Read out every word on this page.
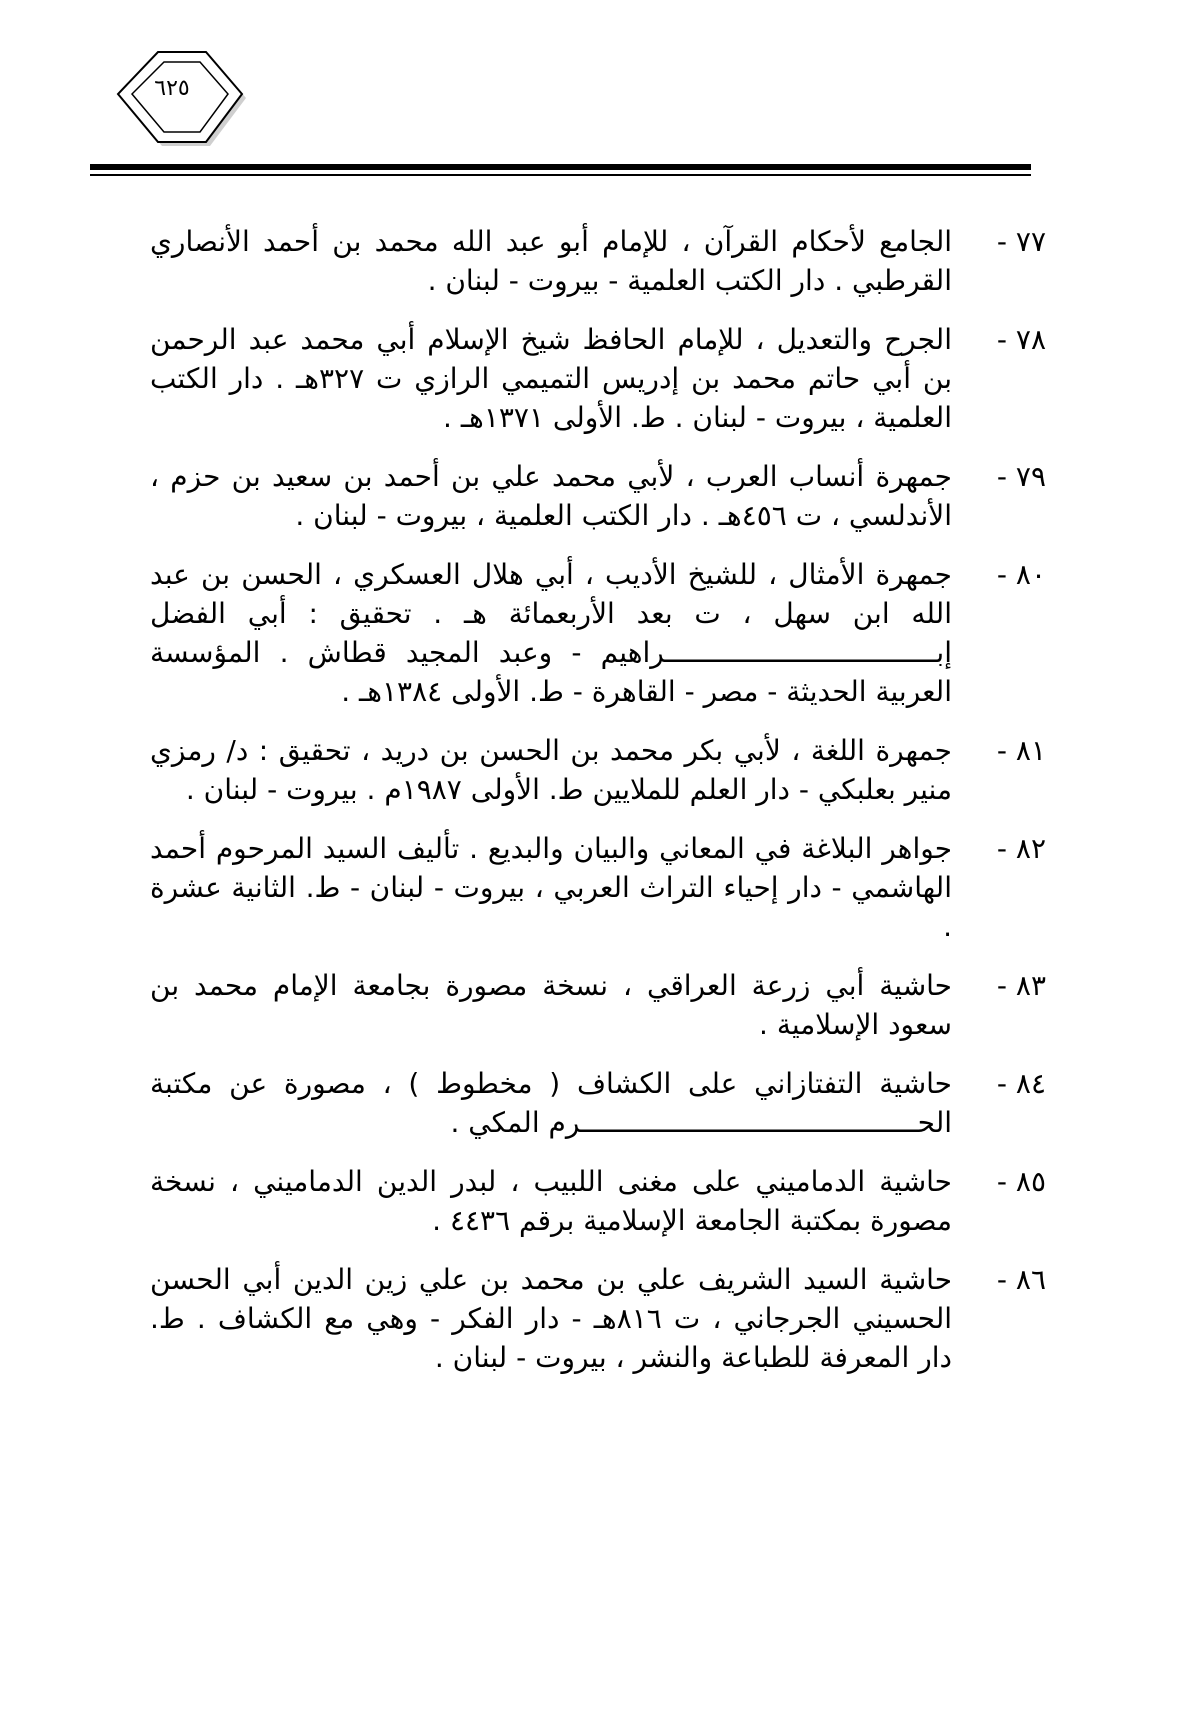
٦٢٥
٧٧ -
الجامع لأحكام القرآن ، للإمام أبو عبد الله محمد بن أحمد الأنصاري القرطبي . دار الكتب العلمية - بيروت - لبنان .
٧٨ -
الجرح والتعديل ، للإمام الحافظ شيخ الإسلام أبي محمد عبد الرحمن بن أبي حاتم محمد بن إدريس التميمي الرازي ت ٣٢٧هـ . دار الكتب العلمية ، بيروت - لبنان . ط. الأولى ١٣٧١هـ .
٧٩ -
جمهرة أنساب العرب ، لأبي محمد علي بن أحمد بن سعيد بن حزم ، الأندلسي ، ت ٤٥٦هـ . دار الكتب العلمية ، بيروت - لبنان .
٨٠ -
جمهرة الأمثال ، للشيخ الأديب ، أبي هلال العسكري ، الحسن بن عبد الله ابن سهل ، ت بعد الأربعمائة هـ . تحقيق : أبي الفضل إبـــــــــــــــــــــــــــــــــراهيم - وعبد المجيد قطاش . المؤسسة العربية الحديثة - مصر - القاهرة - ط. الأولى ١٣٨٤هـ .
٨١ -
جمهرة اللغة ، لأبي بكر محمد بن الحسن بن دريد ، تحقيق : د/ رمزي منير بعلبكي - دار العلم للملايين ط. الأولى ١٩٨٧م . بيروت - لبنان .
٨٢ -
جواهر البلاغة في المعاني والبيان والبديع . تأليف السيد المرحوم أحمد الهاشمي - دار إحياء التراث العربي ، بيروت - لبنان - ط. الثانية عشرة .
٨٣ -
حاشية أبي زرعة العراقي ، نسخة مصورة بجامعة الإمام محمد بن سعود الإسلامية .
٨٤ -
حاشية التفتازاني على الكشاف ( مخطوط ) ، مصورة عن مكتبة الحـــــــــــــــــــــــــــــــــــــــــرم المكي .
٨٥ -
حاشية الدماميني على مغنى اللبيب ، لبدر الدين الدماميني ، نسخة مصورة بمكتبة الجامعة الإسلامية برقم ٤٤٣٦ .
٨٦ -
حاشية السيد الشريف علي بن محمد بن علي زين الدين أبي الحسن الحسيني الجرجاني ، ت ٨١٦هـ - دار الفكر - وهي مع الكشاف . ط. دار المعرفة للطباعة والنشر ، بيروت - لبنان .
